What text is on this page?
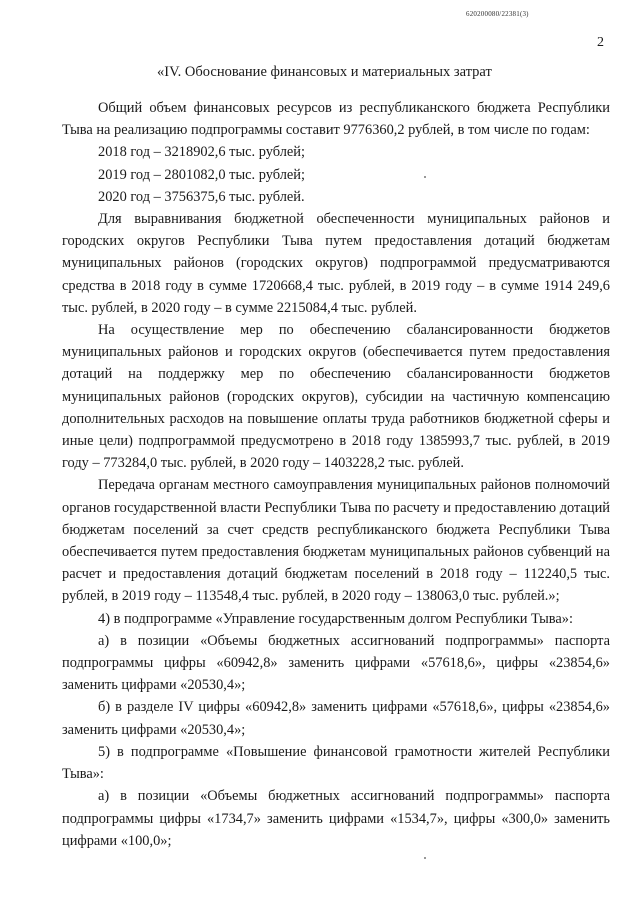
620200080/22381(3)
2
«IV. Обоснование финансовых и материальных затрат

Общий объем финансовых ресурсов из республиканского бюджета Республики Тыва на реализацию подпрограммы составит 9776360,2 рублей, в том числе по годам:

2018 год – 3218902,6 тыс. рублей;

2019 год – 2801082,0 тыс. рублей;

2020 год – 3756375,6 тыс. рублей.

Для выравнивания бюджетной обеспеченности муниципальных районов и городских округов Республики Тыва путем предоставления дотаций бюджетам муниципальных районов (городских округов) подпрограммой предусматриваются средства в 2018 году в сумме 1720668,4 тыс. рублей, в 2019 году – в сумме 1914 249,6 тыс. рублей, в 2020 году – в сумме 2215084,4 тыс. рублей.

На осуществление мер по обеспечению сбалансированности бюджетов муниципальных районов и городских округов (обеспечивается путем предоставления дотаций на поддержку мер по обеспечению сбалансированности бюджетов муниципальных районов (городских округов), субсидии на частичную компенсацию дополнительных расходов на повышение оплаты труда работников бюджетной сферы и иные цели) подпрограммой предусмотрено в 2018 году 1385993,7 тыс. рублей, в 2019 году – 773284,0 тыс. рублей, в 2020 году – 1403228,2 тыс. рублей.

Передача органам местного самоуправления муниципальных районов полномочий органов государственной власти Республики Тыва по расчету и предоставлению дотаций бюджетам поселений за счет средств республиканского бюджета Республики Тыва обеспечивается путем предоставления бюджетам муниципальных районов субвенций на расчет и предоставления дотаций бюджетам поселений в 2018 году – 112240,5 тыс. рублей, в 2019 году – 113548,4 тыс. рублей, в 2020 году – 138063,0 тыс. рублей.»;

4) в подпрограмме «Управление государственным долгом Республики Тыва»:

а) в позиции «Объемы бюджетных ассигнований подпрограммы» паспорта подпрограммы цифры «60942,8» заменить цифрами «57618,6», цифры «23854,6» заменить цифрами «20530,4»;

б) в разделе IV цифры «60942,8» заменить цифрами «57618,6», цифры «23854,6» заменить цифрами «20530,4»;

5) в подпрограмме «Повышение финансовой грамотности жителей Республики Тыва»:

а) в позиции «Объемы бюджетных ассигнований подпрограммы» паспорта подпрограммы цифры «1734,7» заменить цифрами «1534,7», цифры «300,0» заменить цифрами «100,0»;
